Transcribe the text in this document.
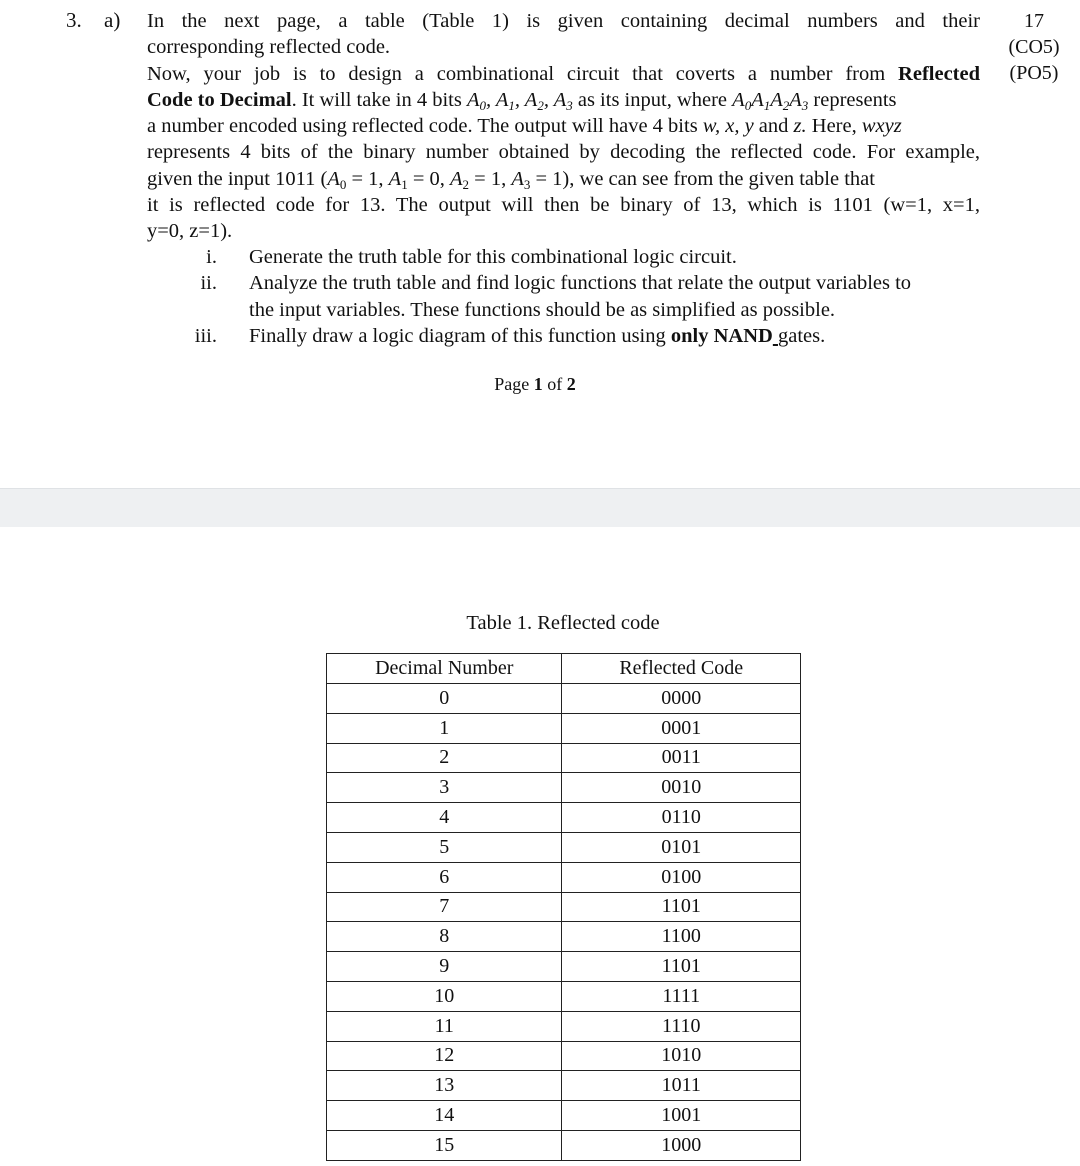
3. a)	17
(CO5)
(PO5)
In the next page, a table (Table 1) is given containing decimal numbers and their
corresponding reflected code.
Now, your job is to design a combinational circuit that coverts a number from Reflected
Code to Decimal. It will take in 4 bits $A_0$, $A_1$, $A_2$, $A_3$ as its input, where $A_0A_1A_2A_3$ represents
a number encoded using reflected code. The output will have 4 bits w, x, y and z. Here, wxyz
represents 4 bits of the binary number obtained by decoding the reflected code. For example,
given the input 1011 ($A_0 = 1$, $A_1 = 0$, $A_2 = 1$, $A_3 = 1$), we can see from the given table that
it is reflected code for 13. The output will then be binary of 13, which is 1101 (w=1, x=1,
y=0, z=1).
i. Generate the truth table for this combinational logic circuit.
ii. Analyze the truth table and find logic functions that relate the output variables to
the input variables. These functions should be as simplified as possible.
iii. Finally draw a logic diagram of this function using only NAND gates.
Page 1 of 2
Table 1. Reflected code
Decimal Number	Reflected Code
0	0000
1	0001
2	0011
3	0010
4	0110
5	0101
6	0100
7	1101
8	1100
9	1101
10	1111
11	1110
12	1010
13	1011
14	1001
15	1000
